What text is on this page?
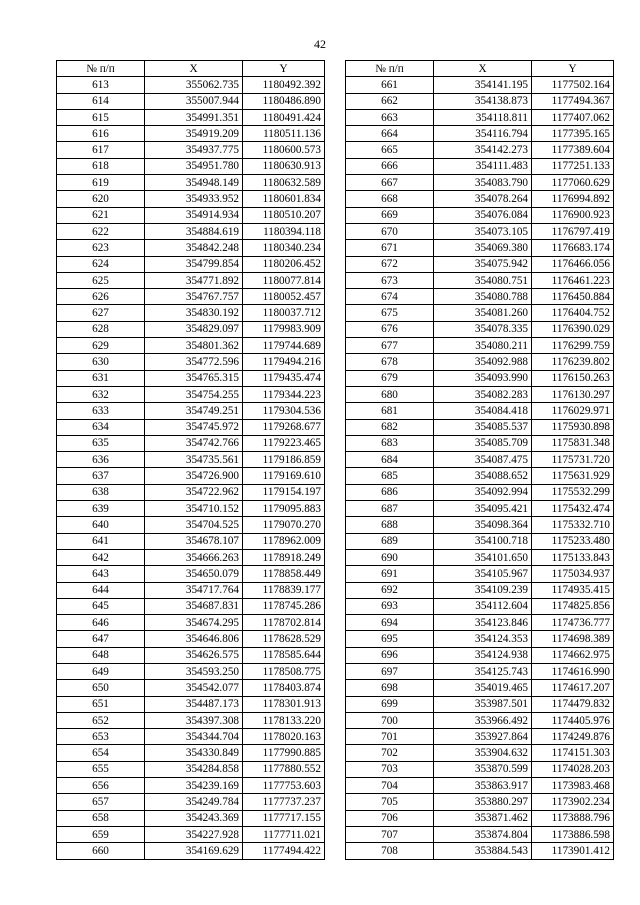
42
№ п/п	X	Y
613	355062.735	1180492.392
614	355007.944	1180486.890
615	354991.351	1180491.424
616	354919.209	1180511.136
617	354937.775	1180600.573
618	354951.780	1180630.913
619	354948.149	1180632.589
620	354933.952	1180601.834
621	354914.934	1180510.207
622	354884.619	1180394.118
623	354842.248	1180340.234
624	354799.854	1180206.452
625	354771.892	1180077.814
626	354767.757	1180052.457
627	354830.192	1180037.712
628	354829.097	1179983.909
629	354801.362	1179744.689
630	354772.596	1179494.216
631	354765.315	1179435.474
632	354754.255	1179344.223
633	354749.251	1179304.536
634	354745.972	1179268.677
635	354742.766	1179223.465
636	354735.561	1179186.859
637	354726.900	1179169.610
638	354722.962	1179154.197
639	354710.152	1179095.883
640	354704.525	1179070.270
641	354678.107	1178962.009
642	354666.263	1178918.249
643	354650.079	1178858.449
644	354717.764	1178839.177
645	354687.831	1178745.286
646	354674.295	1178702.814
647	354646.806	1178628.529
648	354626.575	1178585.644
649	354593.250	1178508.775
650	354542.077	1178403.874
651	354487.173	1178301.913
652	354397.308	1178133.220
653	354344.704	1178020.163
654	354330.849	1177990.885
655	354284.858	1177880.552
656	354239.169	1177753.603
657	354249.784	1177737.237
658	354243.369	1177717.155
659	354227.928	1177711.021
660	354169.629	1177494.422
№ п/п	X	Y
661	354141.195	1177502.164
662	354138.873	1177494.367
663	354118.811	1177407.062
664	354116.794	1177395.165
665	354142.273	1177389.604
666	354111.483	1177251.133
667	354083.790	1177060.629
668	354078.264	1176994.892
669	354076.084	1176900.923
670	354073.105	1176797.419
671	354069.380	1176683.174
672	354075.942	1176466.056
673	354080.751	1176461.223
674	354080.788	1176450.884
675	354081.260	1176404.752
676	354078.335	1176390.029
677	354080.211	1176299.759
678	354092.988	1176239.802
679	354093.990	1176150.263
680	354082.283	1176130.297
681	354084.418	1176029.971
682	354085.537	1175930.898
683	354085.709	1175831.348
684	354087.475	1175731.720
685	354088.652	1175631.929
686	354092.994	1175532.299
687	354095.421	1175432.474
688	354098.364	1175332.710
689	354100.718	1175233.480
690	354101.650	1175133.843
691	354105.967	1175034.937
692	354109.239	1174935.415
693	354112.604	1174825.856
694	354123.846	1174736.777
695	354124.353	1174698.389
696	354124.938	1174662.975
697	354125.743	1174616.990
698	354019.465	1174617.207
699	353987.501	1174479.832
700	353966.492	1174405.976
701	353927.864	1174249.876
702	353904.632	1174151.303
703	353870.599	1174028.203
704	353863.917	1173983.468
705	353880.297	1173902.234
706	353871.462	1173888.796
707	353874.804	1173886.598
708	353884.543	1173901.412
